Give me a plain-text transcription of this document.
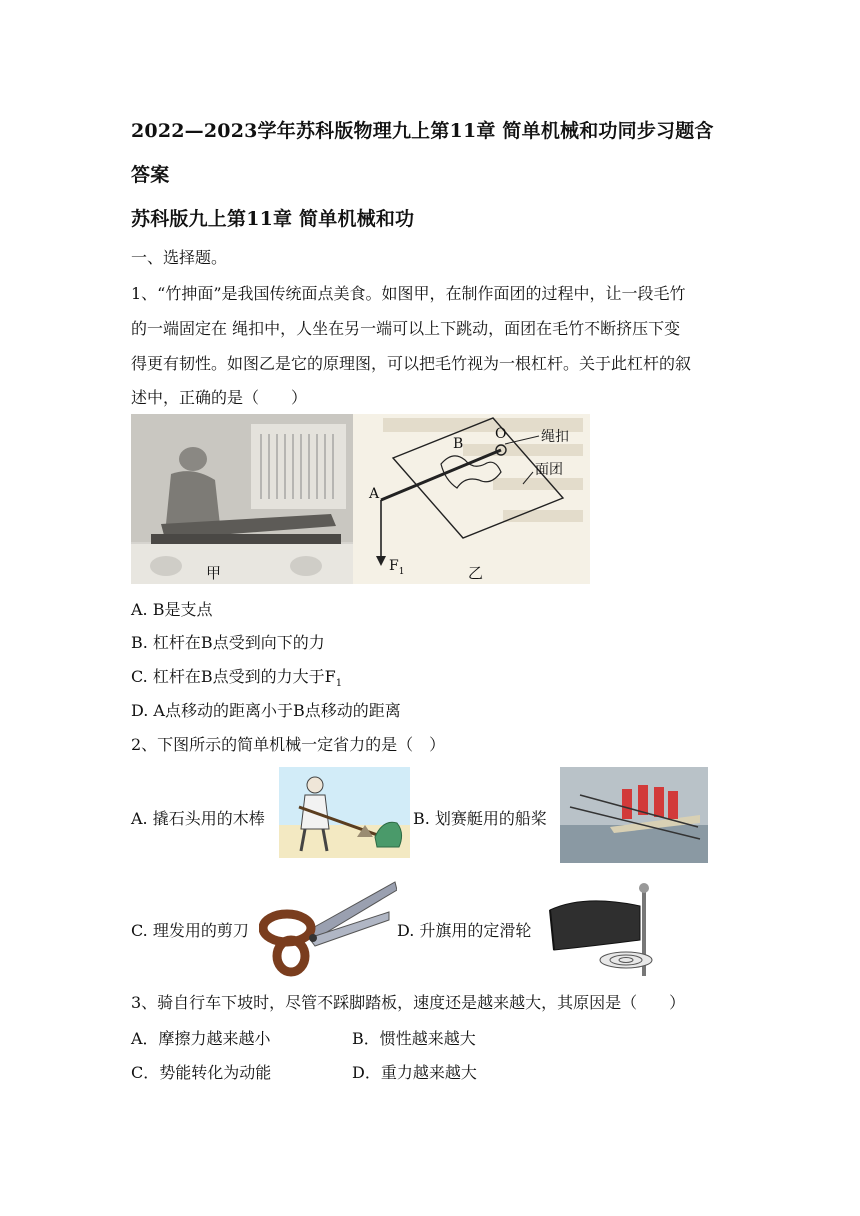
2022—2023学年苏科版物理九上第11章 简单机械和功同步习题含
答案
苏科版九上第11章 简单机械和功
一、选择题。
1、“竹抻面”是我国传统面点美食。如图甲，在制作面团的过程中，让一段毛竹
的一端固定在 绳扣中，人坐在另一端可以上下跳动，面团在毛竹不断挤压下变
得更有韧性。如图乙是它的原理图，可以把毛竹视为一根杠杆。关于此杠杆的叙
述中，正确的是（　　）
甲
A
B
O 绳扣
面团
$F_1$	乙
A. B是支点
B. 杠杆在B点受到向下的力
C. 杠杆在B点受到的力大于$F_1$
D. A点移动的距离小于B点移动的距离
2、下图所示的简单机械一定省力的是（　）
A. 撬石头用的木棒	B. 划赛艇用的船桨
C. 理发用的剪刀	D. 升旗用的定滑轮
3、骑自行车下坡时，尽管不踩脚踏板，速度还是越来越大，其原因是（　　）
A．摩擦力越来越小	B．惯性越来越大
C．势能转化为动能	D．重力越来越大
